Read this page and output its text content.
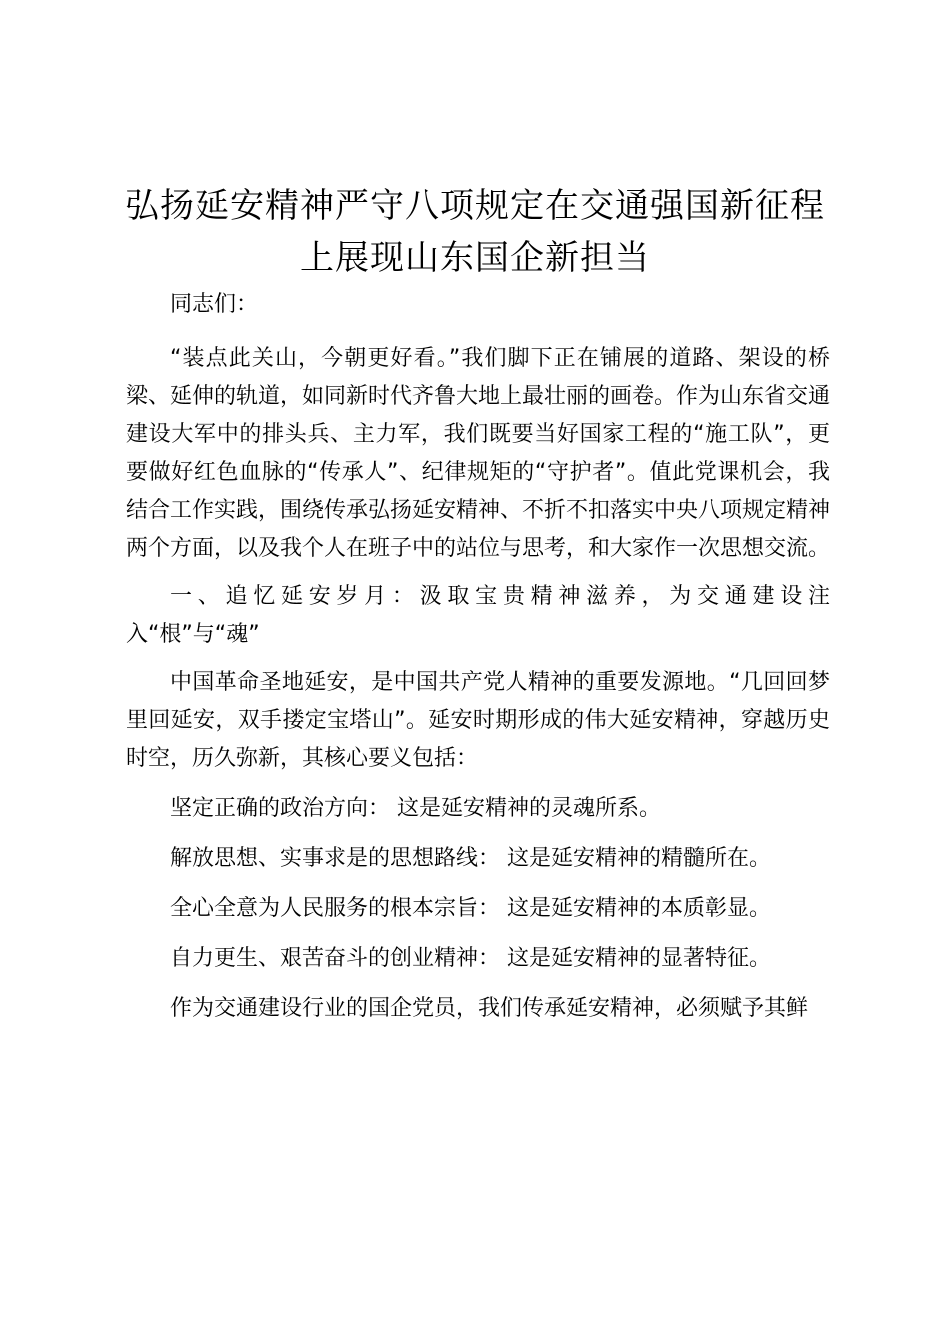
弘扬延安精神严守八项规定在交通强国新征程上展现山东国企新担当

同志们：

“装点此关山，今朝更好看。”我们脚下正在铺展的道路、架设的桥梁、延伸的轨道，如同新时代齐鲁大地上最壮丽的画卷。作为山东省交通建设大军中的排头兵、主力军，我们既要当好国家工程的“施工队”，更要做好红色血脉的“传承人”、纪律规矩的“守护者”。值此党课机会，我结合工作实践，围绕传承弘扬延安精神、不折不扣落实中央八项规定精神两个方面，以及我个人在班子中的站位与思考，和大家作一次思想交流。

一、追忆延安岁月：汲取宝贵精神滋养，为交通建设注入“根”与“魂”

中国革命圣地延安，是中国共产党人精神的重要发源地。“几回回梦里回延安，双手搂定宝塔山”。延安时期形成的伟大延安精神，穿越历史时空，历久弥新，其核心要义包括：

坚定正确的政治方向： 这是延安精神的灵魂所系。

解放思想、实事求是的思想路线： 这是延安精神的精髓所在。

全心全意为人民服务的根本宗旨： 这是延安精神的本质彰显。

自力更生、艰苦奋斗的创业精神： 这是延安精神的显著特征。

作为交通建设行业的国企党员，我们传承延安精神，必须赋予其鲜
